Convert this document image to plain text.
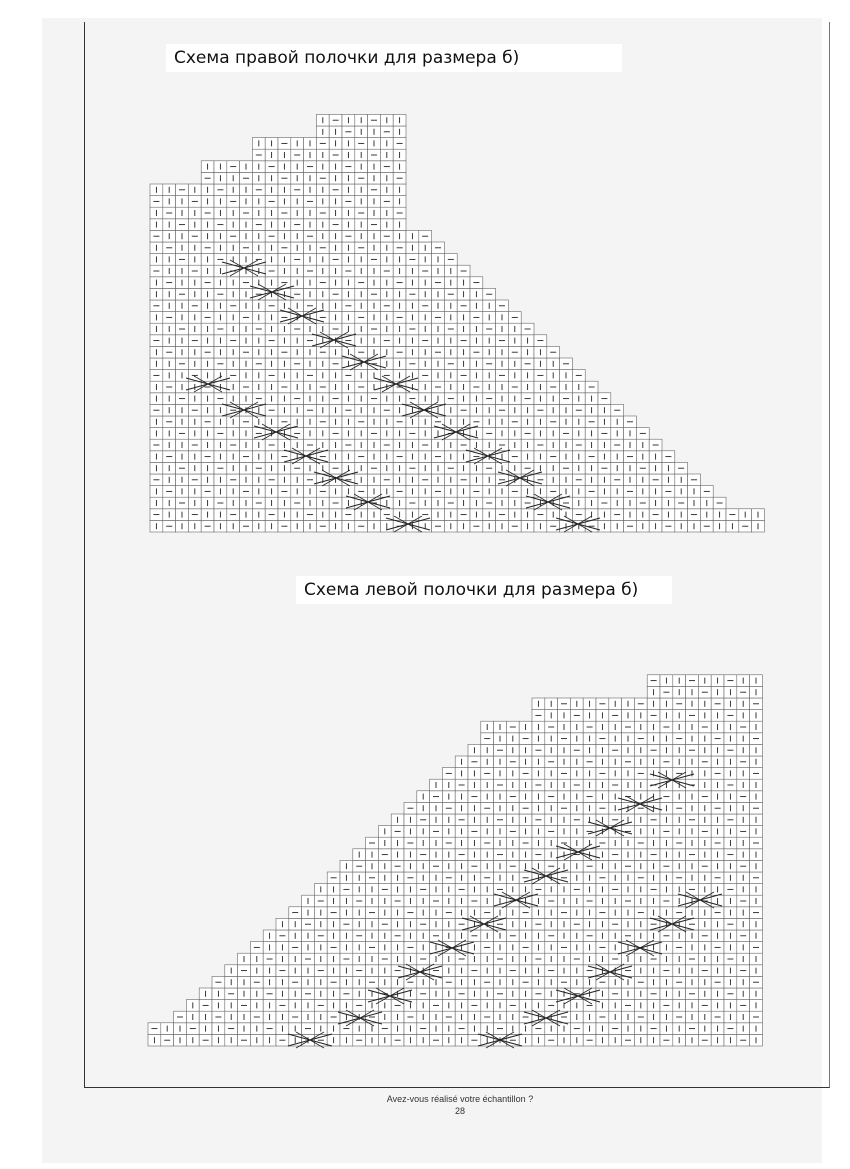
Схема правой полочки для размера б)
Схема левой полочки для размера б)
Avez-vous réalisé votre échantillon ?
28
